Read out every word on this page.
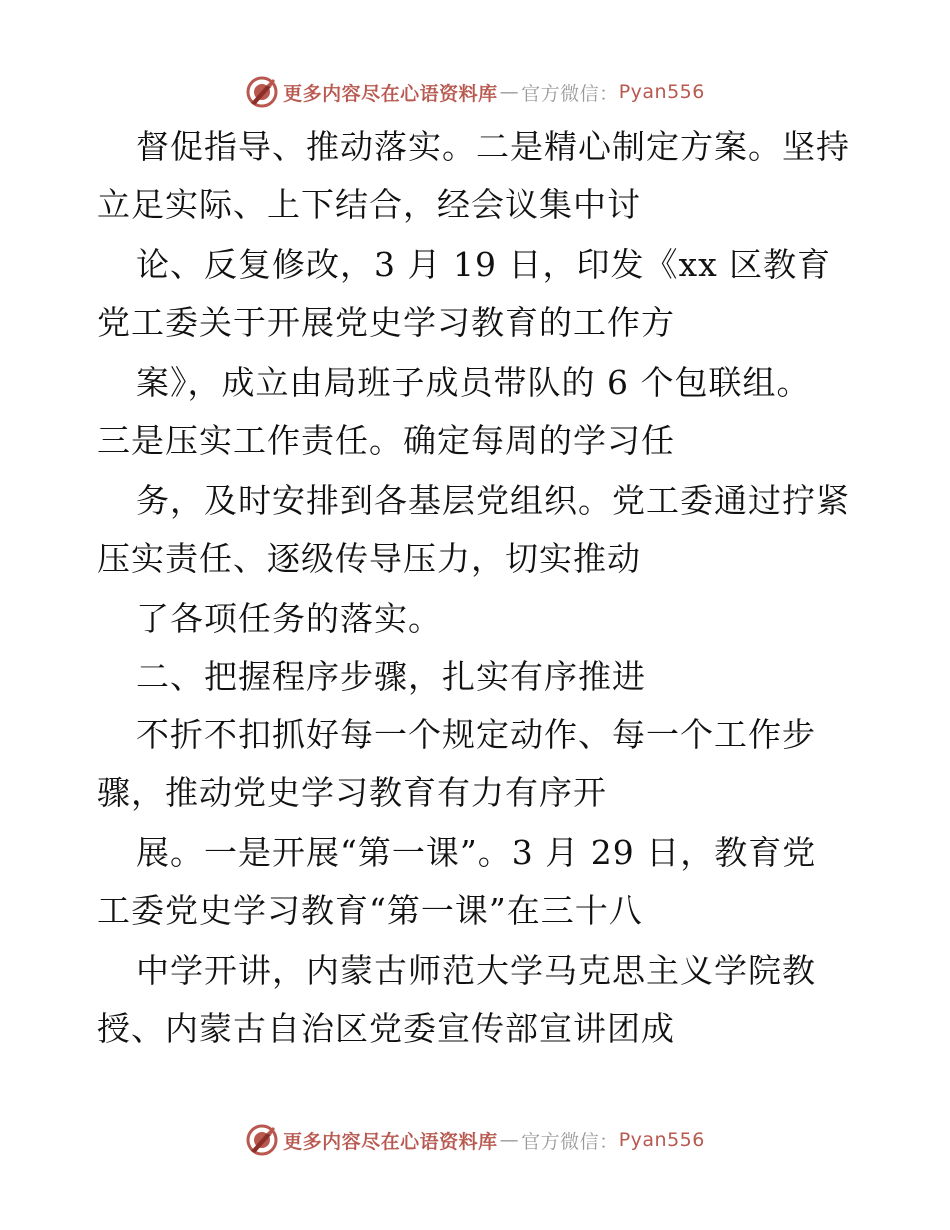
更多内容尽在心语资料库 — 官方微信： Pyan556
督促指导、推动落实。二是精心制定方案。坚持
立足实际、上下结合，经会议集中讨
论、反复修改，3 月 19 日，印发《xx 区教育
党工委关于开展党史学习教育的工作方
案》，成立由局班子成员带队的 6 个包联组。
三是压实工作责任。确定每周的学习任
务，及时安排到各基层党组织。党工委通过拧紧
压实责任、逐级传导压力，切实推动
了各项任务的落实。
二、把握程序步骤，扎实有序推进
不折不扣抓好每一个规定动作、每一个工作步
骤，推动党史学习教育有力有序开
展。一是开展“第一课”。3 月 29 日，教育党
工委党史学习教育“第一课”在三十八
中学开讲，内蒙古师范大学马克思主义学院教
授、内蒙古自治区党委宣传部宣讲团成
更多内容尽在心语资料库 — 官方微信： Pyan556
